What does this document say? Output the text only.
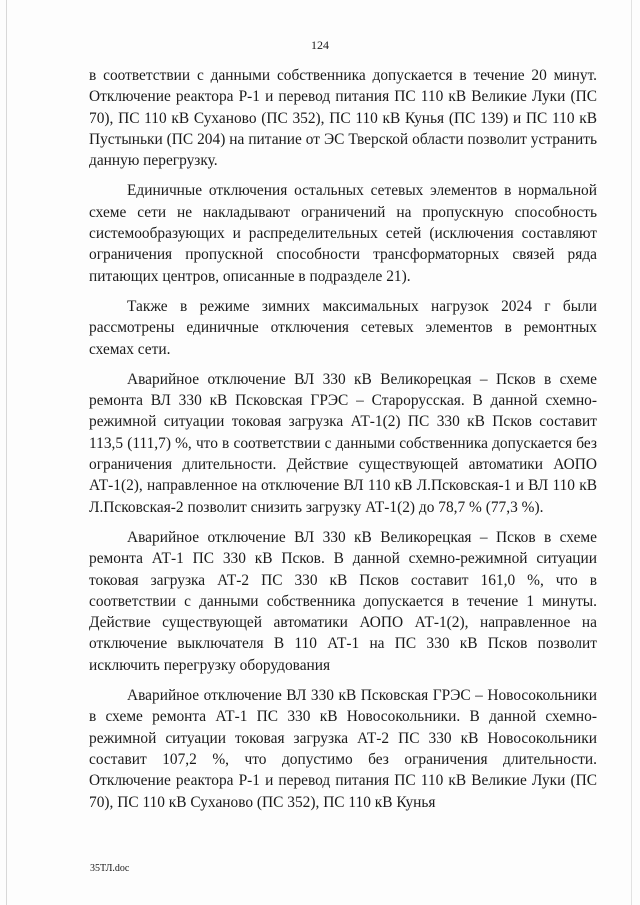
124

в соответствии с данными собственника допускается в течение 20 минут. Отключение реактора Р-1 и перевод питания ПС 110 кВ Великие Луки (ПС 70), ПС 110 кВ Суханово (ПС 352), ПС 110 кВ Кунья (ПС 139) и ПС 110 кВ Пустыньки (ПС 204) на питание от ЭС Тверской области позволит устранить данную перегрузку.

Единичные отключения остальных сетевых элементов в нормальной схеме сети не накладывают ограничений на пропускную способность системообразующих и распределительных сетей (исключения составляют ограничения пропускной способности трансформаторных связей ряда питающих центров, описанные в подразделе 21).

Также в режиме зимних максимальных нагрузок 2024 г были рассмотрены единичные отключения сетевых элементов в ремонтных схемах сети.

Аварийное отключение ВЛ 330 кВ Великорецкая – Псков в схеме ремонта ВЛ 330 кВ Псковская ГРЭС – Старорусская. В данной схемно-режимной ситуации токовая загрузка АТ-1(2) ПС 330 кВ Псков составит 113,5 (111,7) %, что в соответствии с данными собственника допускается без ограничения длительности. Действие существующей автоматики АОПО АТ-1(2), направленное на отключение ВЛ 110 кВ Л.Псковская-1 и ВЛ 110 кВ Л.Псковская-2 позволит снизить загрузку АТ-1(2) до 78,7 % (77,3 %).

Аварийное отключение ВЛ 330 кВ Великорецкая – Псков в схеме ремонта АТ-1 ПС 330 кВ Псков. В данной схемно-режимной ситуации токовая загрузка АТ-2 ПС 330 кВ Псков составит 161,0 %, что в соответствии с данными собственника допускается в течение 1 минуты. Действие существующей автоматики АОПО АТ-1(2), направленное на отключение выключателя В 110 АТ-1 на ПС 330 кВ Псков позволит исключить перегрузку оборудования

Аварийное отключение ВЛ 330 кВ Псковская ГРЭС – Новосокольники в схеме ремонта АТ-1 ПС 330 кВ Новосокольники. В данной схемно-режимной ситуации токовая загрузка АТ-2 ПС 330 кВ Новосокольники составит 107,2 %, что допустимо без ограничения длительности. Отключение реактора Р-1 и перевод питания ПС 110 кВ Великие Луки (ПС 70), ПС 110 кВ Суханово (ПС 352), ПС 110 кВ Кунья

35ТЛ.doc
